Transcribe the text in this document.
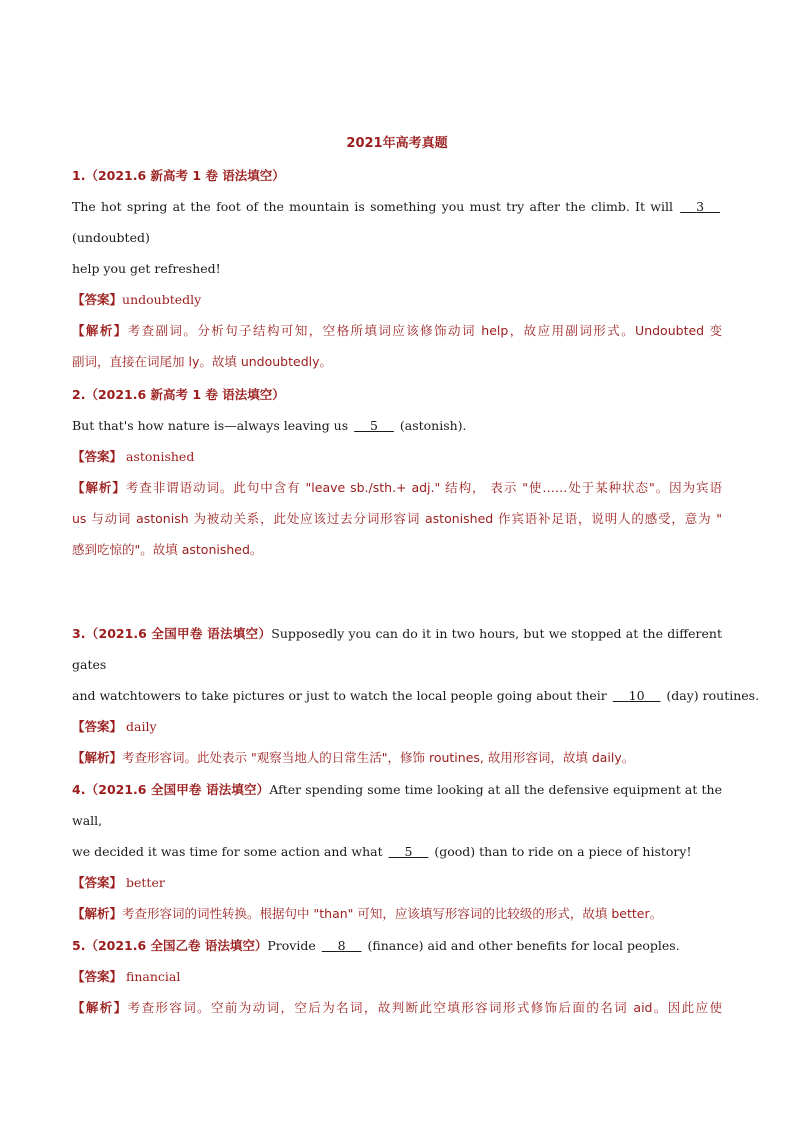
2021年高考真题
1.（2021.6 新高考 1 卷 语法填空）
The hot spring at the foot of the mountain is something you must try after the climb. It will     3     (undoubted)
help you get refreshed!
【答案】undoubtedly
【解析】考查副词。分析句子结构可知，空格所填词应该修饰动词 help，故应用副词形式。Undoubted 变
副词，直接在词尾加 ly。故填 undoubtedly。
2.（2021.6 新高考 1 卷 语法填空）
But that's how nature is—always leaving us     5     (astonish).
【答案】 astonished
【解析】考查非谓语动词。此句中含有 "leave sb./sth.+ adj." 结构， 表示 "使……处于某种状态"。因为宾语
us 与动词 astonish 为被动关系，此处应该过去分词形容词 astonished 作宾语补足语，说明人的感受，意为 "
感到吃惊的"。故填 astonished。
3.（2021.6 全国甲卷 语法填空）Supposedly you can do it in two hours, but we stopped at the different gates
and watchtowers to take pictures or just to watch the local people going about their     10     (day) routines.
【答案】 daily
【解析】考查形容词。此处表示 "观察当地人的日常生活"，修饰 routines, 故用形容词，故填 daily。
4.（2021.6 全国甲卷 语法填空）After spending some time looking at all the defensive equipment at the wall,
we decided it was time for some action and what     5     (good) than to ride on a piece of history!
【答案】 better
【解析】考查形容词的词性转换。根据句中 "than" 可知，应该填写形容词的比较级的形式，故填 better。
5.（2021.6 全国乙卷 语法填空）Provide     8     (finance) aid and other benefits for local peoples.
【答案】 financial
【解析】考查形容词。空前为动词，空后为名词，故判断此空填形容词形式修饰后面的名词 aid。因此应使
